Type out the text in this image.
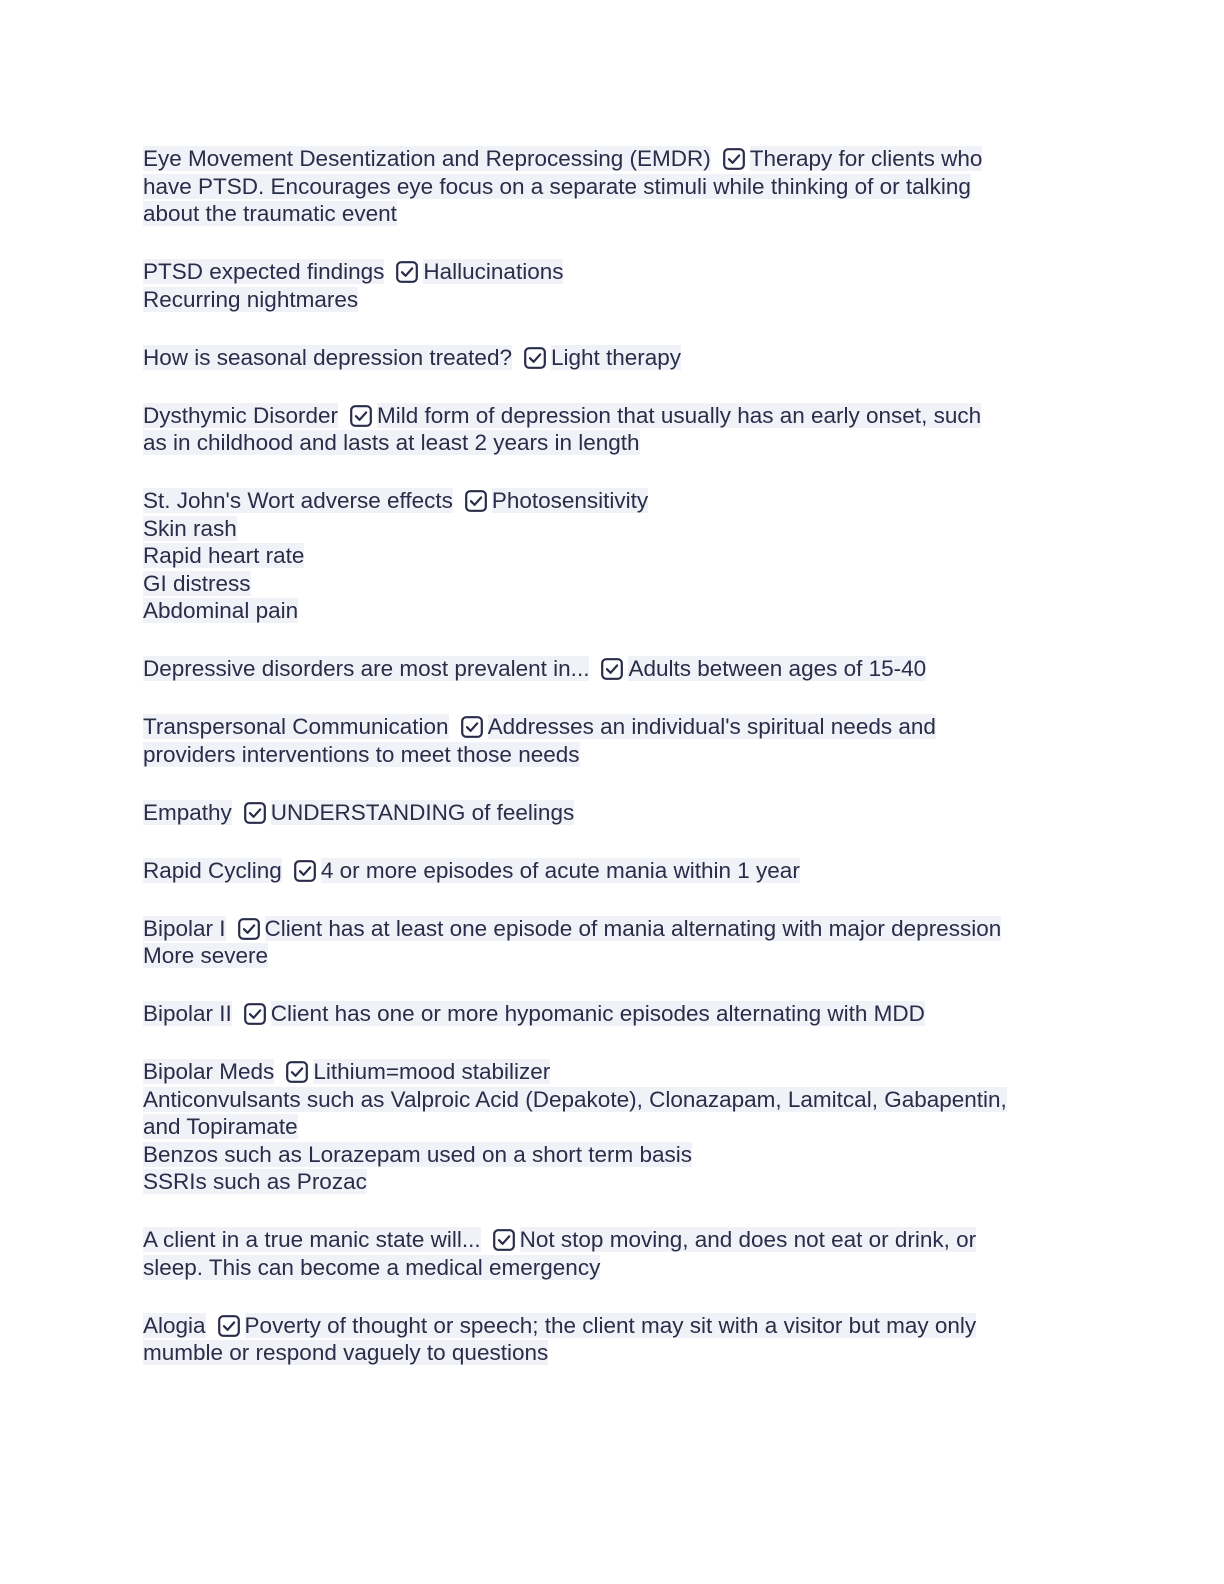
Eye Movement Desentization and Reprocessing (EMDR) Therapy for clients who
have PTSD. Encourages eye focus on a separate stimuli while thinking of or talking
about the traumatic event
PTSD expected findings Hallucinations
Recurring nightmares
How is seasonal depression treated? Light therapy
Dysthymic Disorder Mild form of depression that usually has an early onset, such
as in childhood and lasts at least 2 years in length
St. John's Wort adverse effects Photosensitivity
Skin rash
Rapid heart rate
GI distress
Abdominal pain
Depressive disorders are most prevalent in... Adults between ages of 15-40
Transpersonal Communication Addresses an individual's spiritual needs and
providers interventions to meet those needs
Empathy UNDERSTANDING of feelings
Rapid Cycling 4 or more episodes of acute mania within 1 year
Bipolar I Client has at least one episode of mania alternating with major depression
More severe
Bipolar II Client has one or more hypomanic episodes alternating with MDD
Bipolar Meds Lithium=mood stabilizer
Anticonvulsants such as Valproic Acid (Depakote), Clonazapam, Lamitcal, Gabapentin,
and Topiramate
Benzos such as Lorazepam used on a short term basis
SSRIs such as Prozac
A client in a true manic state will... Not stop moving, and does not eat or drink, or
sleep. This can become a medical emergency
Alogia Poverty of thought or speech; the client may sit with a visitor but may only
mumble or respond vaguely to questions
